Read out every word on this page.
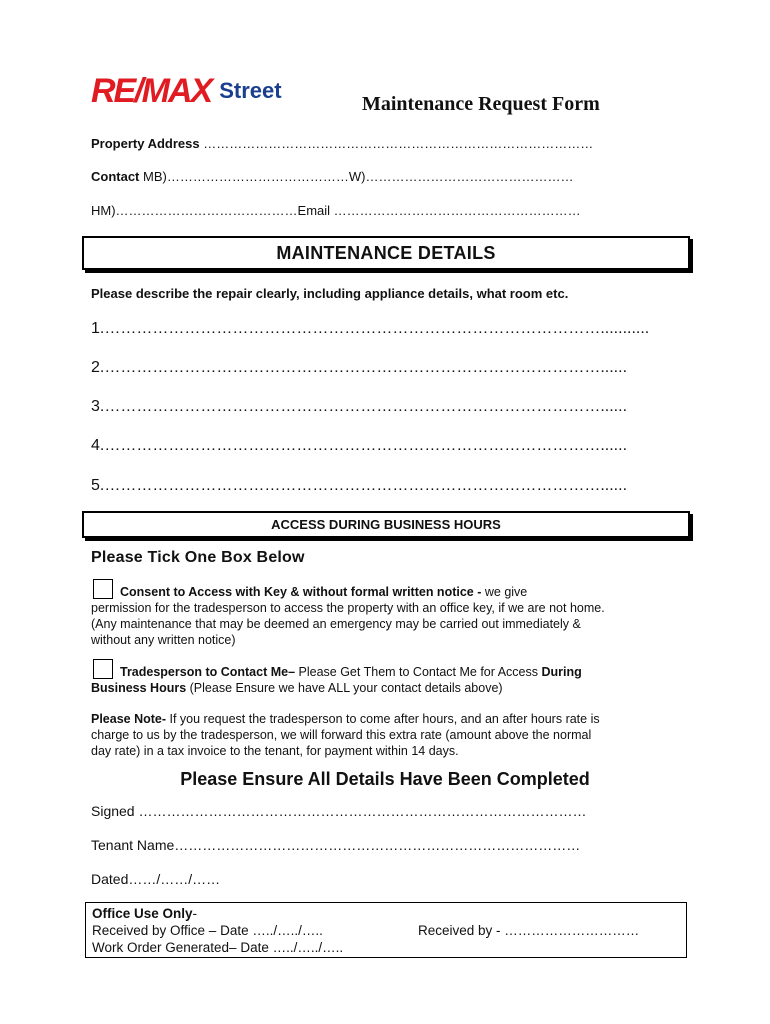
RE/MAX Street
Maintenance Request Form
Property Address ………………………………………………………………………………
Contact MB)……………………………………W)…………………………………………
HM)……………………………………Email …………………………………………………
MAINTENANCE DETAILS
Please describe the repair clearly, including appliance details, what room etc.
1.…………………………………………………………………………………...........
2.…………………………………………………………………………………......
3.…………………………………………………………………………………......
4.…………………………………………………………………………………......
5.…………………………………………………………………………………......
ACCESS DURING BUSINESS HOURS
Please Tick One Box Below
Consent to Access with Key & without formal written notice - we give
permission for the tradesperson to access the property with an office key, if we are not home.
(Any maintenance that may be deemed an emergency may be carried out immediately &
without any written notice)
Tradesperson to Contact Me– Please Get Them to Contact Me for Access During
Business Hours (Please Ensure we have ALL your contact details above)
Please Note- If you request the tradesperson to come after hours, and an after hours rate is
charge to us by the tradesperson, we will forward this extra rate (amount above the normal
day rate) in a tax invoice to the tenant, for payment within 14 days.
Please Ensure All Details Have Been Completed
Signed ……………………………………………………………………………………
Tenant Name……………………………………………………………………………
Dated……/……/……
Office Use Only-
Received by Office – Date …../…../…..
Work Order Generated– Date …../…../…..
Received by - …………………………
